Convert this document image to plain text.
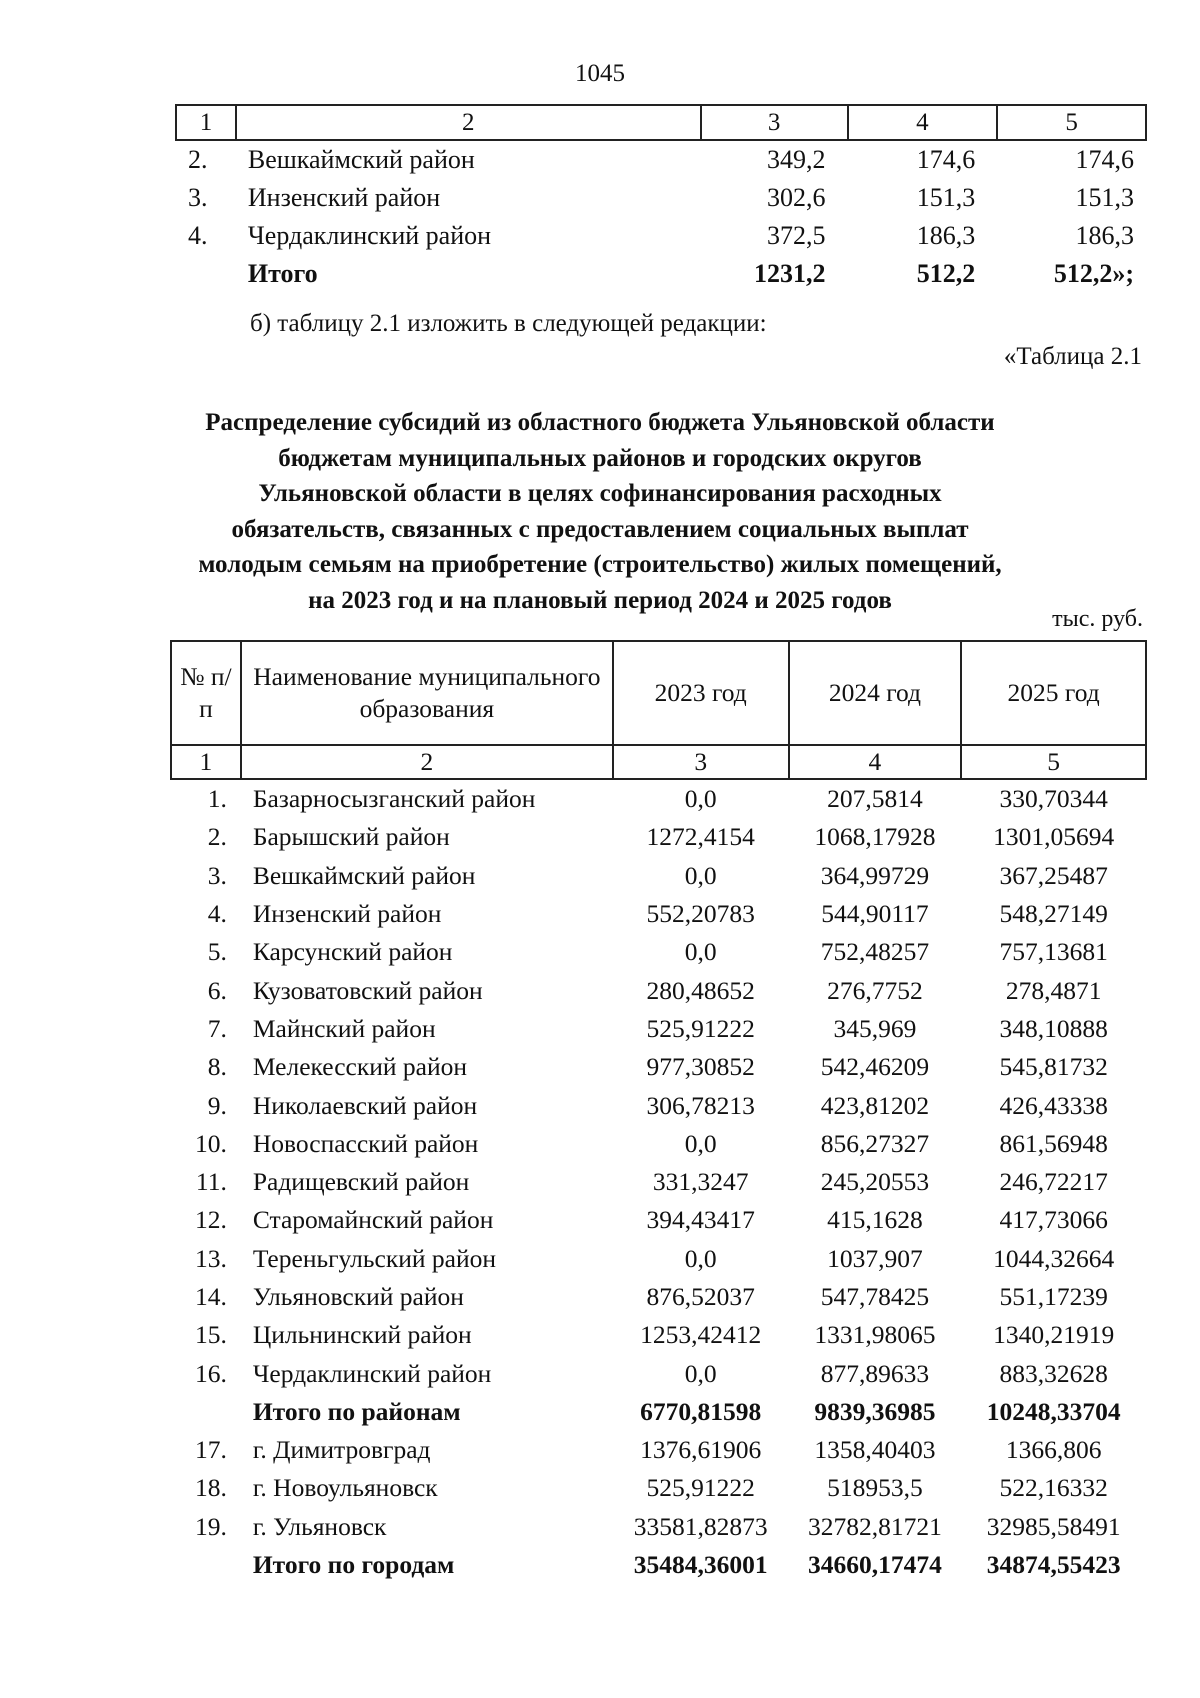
1045
1	2	3	4	5
2.	Вешкаймский район	349,2	174,6	174,6
3.	Инзенский район	302,6	151,3	151,3
4.	Чердаклинский район	372,5	186,3	186,3
	Итого	1231,2	512,2	512,2»;
б) таблицу 2.1 изложить в следующей редакции:
«Таблица 2.1
Распределение субсидий из областного бюджета Ульяновской области
бюджетам муниципальных районов и городских округов
Ульяновской области в целях софинансирования расходных
обязательств, связанных с предоставлением социальных выплат
молодым семьям на приобретение (строительство) жилых помещений,
на 2023 год и на плановый период 2024 и 2025 годов
тыс. руб.
№ п/п	Наименование муниципального образования	2023 год	2024 год	2025 год
1	2	3	4	5
1.	Базарносызганский район	0,0	207,5814	330,70344
2.	Барышский район	1272,4154	1068,17928	1301,05694
3.	Вешкаймский район	0,0	364,99729	367,25487
4.	Инзенский район	552,20783	544,90117	548,27149
5.	Карсунский район	0,0	752,48257	757,13681
6.	Кузоватовский район	280,48652	276,7752	278,4871
7.	Майнский район	525,91222	345,969	348,10888
8.	Мелекесский район	977,30852	542,46209	545,81732
9.	Николаевский район	306,78213	423,81202	426,43338
10.	Новоспасский район	0,0	856,27327	861,56948
11.	Радищевский район	331,3247	245,20553	246,72217
12.	Старомайнский район	394,43417	415,1628	417,73066
13.	Тереньгульский район	0,0	1037,907	1044,32664
14.	Ульяновский район	876,52037	547,78425	551,17239
15.	Цильнинский район	1253,42412	1331,98065	1340,21919
16.	Чердаклинский район	0,0	877,89633	883,32628
	Итого по районам	6770,81598	9839,36985	10248,33704
17.	г. Димитровград	1376,61906	1358,40403	1366,806
18.	г. Новоульяновск	525,91222	518953,5	522,16332
19.	г. Ульяновск	33581,82873	32782,81721	32985,58491
	Итого по городам	35484,36001	34660,17474	34874,55423
